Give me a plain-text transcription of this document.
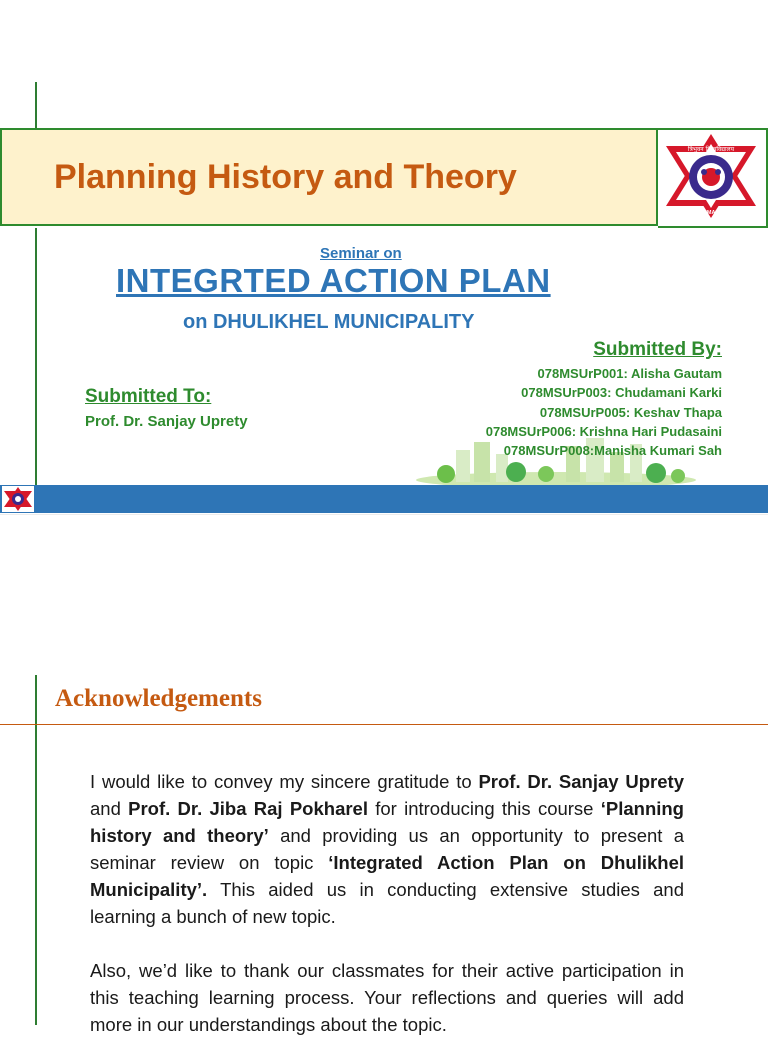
Planning History and Theory
त्रिभुवन विश्वविद्यालय
KATHMANDU NEPAL
Seminar on
INTEGRTED ACTION PLAN
on DHULIKHEL MUNICIPALITY
Submitted To:
Prof. Dr. Sanjay Uprety
Submitted By:
078MSUrP001: Alisha Gautam
078MSUrP003: Chudamani Karki
078MSUrP005: Keshav Thapa
078MSUrP006: Krishna Hari Pudasaini
078MSUrP008:Manisha Kumari Sah
Acknowledgements

I would like to convey my sincere gratitude to Prof. Dr. Sanjay Uprety and Prof. Dr. Jiba Raj Pokharel for introducing this course ‘Planning history and theory’ and providing us an opportunity to present a seminar review on topic ‘Integrated Action Plan on Dhulikhel Municipality’. This aided us in conducting extensive studies and learning a bunch of new topic.

Also, we’d like to thank our classmates for their active participation in this teaching learning process. Your reflections and queries will add more in our understandings about the topic.
